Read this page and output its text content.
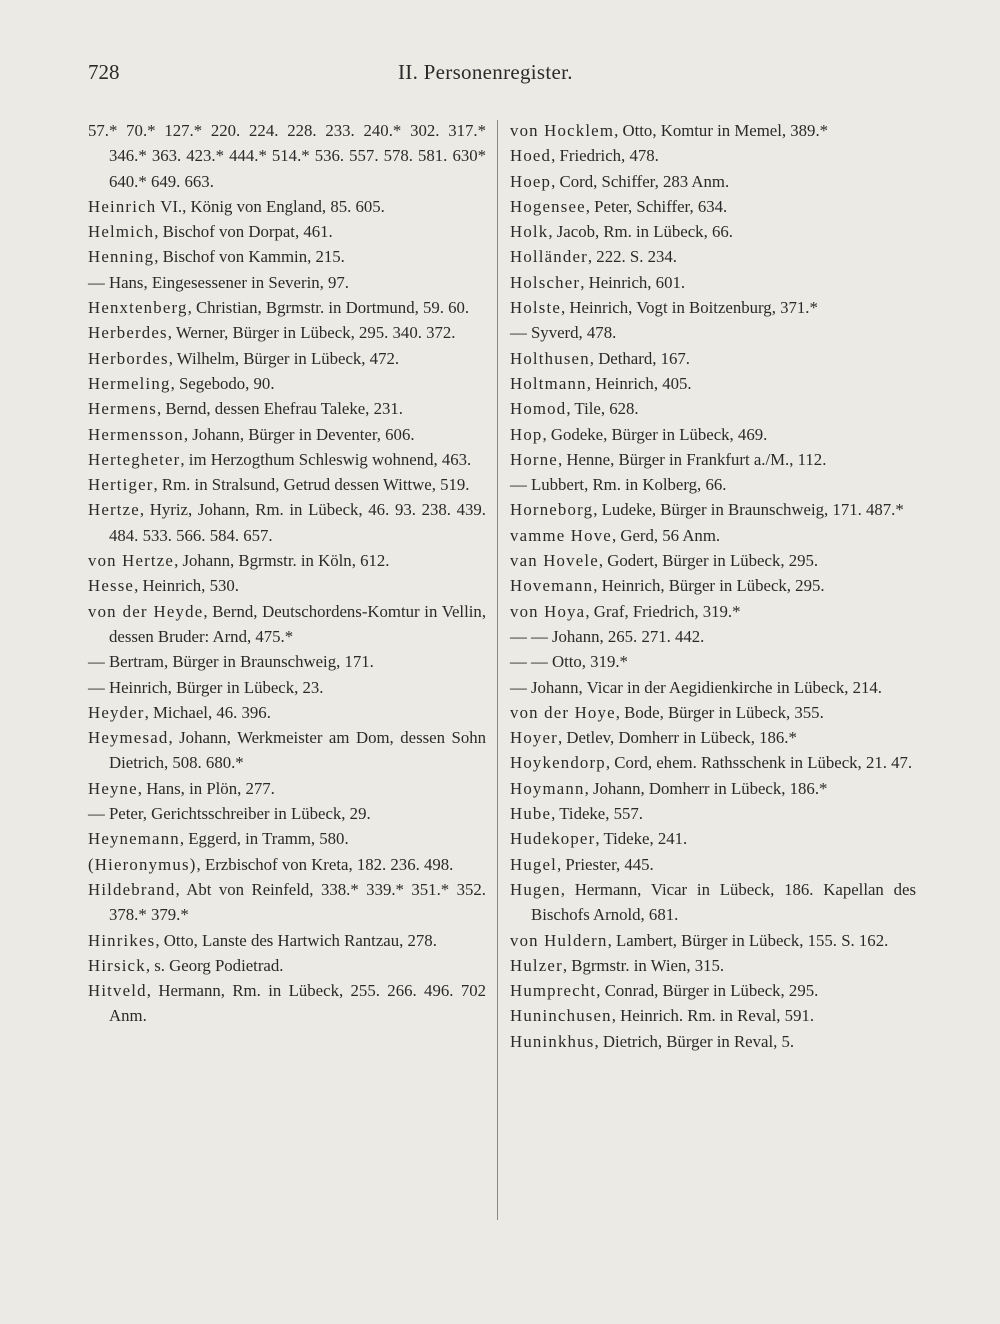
728	II. Personenregister.

57.* 70.* 127.* 220. 224. 228. 233. 240.* 302. 317.* 346.* 363. 423.* 444.* 514.* 536. 557. 578. 581. 630* 640.* 649. 663.

Heinrich VI., König von England, 85. 605.

Helmich, Bischof von Dorpat, 461.

Henning, Bischof von Kammin, 215.

— Hans, Eingesessener in Severin, 97.

Henxtenberg, Christian, Bgrmstr. in Dortmund, 59. 60.

Herberdes, Werner, Bürger in Lübeck, 295. 340. 372.

Herbordes, Wilhelm, Bürger in Lübeck, 472.

Hermeling, Segebodo, 90.

Hermens, Bernd, dessen Ehefrau Taleke, 231.

Hermensson, Johann, Bürger in Deventer, 606.

Hertegheter, im Herzogthum Schleswig wohnend, 463.

Hertiger, Rm. in Stralsund, Getrud dessen Wittwe, 519.

Hertze, Hyriz, Johann, Rm. in Lübeck, 46. 93. 238. 439. 484. 533. 566. 584. 657.

von Hertze, Johann, Bgrmstr. in Köln, 612.

Hesse, Heinrich, 530.

von der Heyde, Bernd, Deutschordens-Komtur in Vellin, dessen Bruder: Arnd, 475.*

— Bertram, Bürger in Braunschweig, 171.

— Heinrich, Bürger in Lübeck, 23.

Heyder, Michael, 46. 396.

Heymesad, Johann, Werkmeister am Dom, dessen Sohn Dietrich, 508. 680.*

Heyne, Hans, in Plön, 277.

— Peter, Gerichtsschreiber in Lübeck, 29.

Heynemann, Eggerd, in Tramm, 580.

(Hieronymus), Erzbischof von Kreta, 182. 236. 498.

Hildebrand, Abt von Reinfeld, 338.* 339.* 351.* 352. 378.* 379.*

Hinrikes, Otto, Lanste des Hartwich Rantzau, 278.

Hirsick, s. Georg Podietrad.

Hitveld, Hermann, Rm. in Lübeck, 255. 266. 496. 702 Anm.

von Hocklem, Otto, Komtur in Memel, 389.*

Hoed, Friedrich, 478.

Hoep, Cord, Schiffer, 283 Anm.

Hogensee, Peter, Schiffer, 634.

Holk, Jacob, Rm. in Lübeck, 66.

Holländer, 222. S. 234.

Holscher, Heinrich, 601.

Holste, Heinrich, Vogt in Boitzenburg, 371.*

— Syverd, 478.

Holthusen, Dethard, 167.

Holtmann, Heinrich, 405.

Homod, Tile, 628.

Hop, Godeke, Bürger in Lübeck, 469.

Horne, Henne, Bürger in Frankfurt a./M., 112.

— Lubbert, Rm. in Kolberg, 66.

Horneborg, Ludeke, Bürger in Braunschweig, 171. 487.*

vamme Hove, Gerd, 56 Anm.

van Hovele, Godert, Bürger in Lübeck, 295.

Hovemann, Heinrich, Bürger in Lübeck, 295.

von Hoya, Graf, Friedrich, 319.*

— — Johann, 265. 271. 442.

— — Otto, 319.*

— Johann, Vicar in der Aegidienkirche in Lübeck, 214.

von der Hoye, Bode, Bürger in Lübeck, 355.

Hoyer, Detlev, Domherr in Lübeck, 186.*

Hoykendorp, Cord, ehem. Rathsschenk in Lübeck, 21. 47.

Hoymann, Johann, Domherr in Lübeck, 186.*

Hube, Tideke, 557.

Hudekoper, Tideke, 241.

Hugel, Priester, 445.

Hugen, Hermann, Vicar in Lübeck, 186. Kapellan des Bischofs Arnold, 681.

von Huldern, Lambert, Bürger in Lübeck, 155. S. 162.

Hulzer, Bgrmstr. in Wien, 315.

Humprecht, Conrad, Bürger in Lübeck, 295.

Huninchusen, Heinrich. Rm. in Reval, 591.

Huninkhus, Dietrich, Bürger in Reval, 5.
